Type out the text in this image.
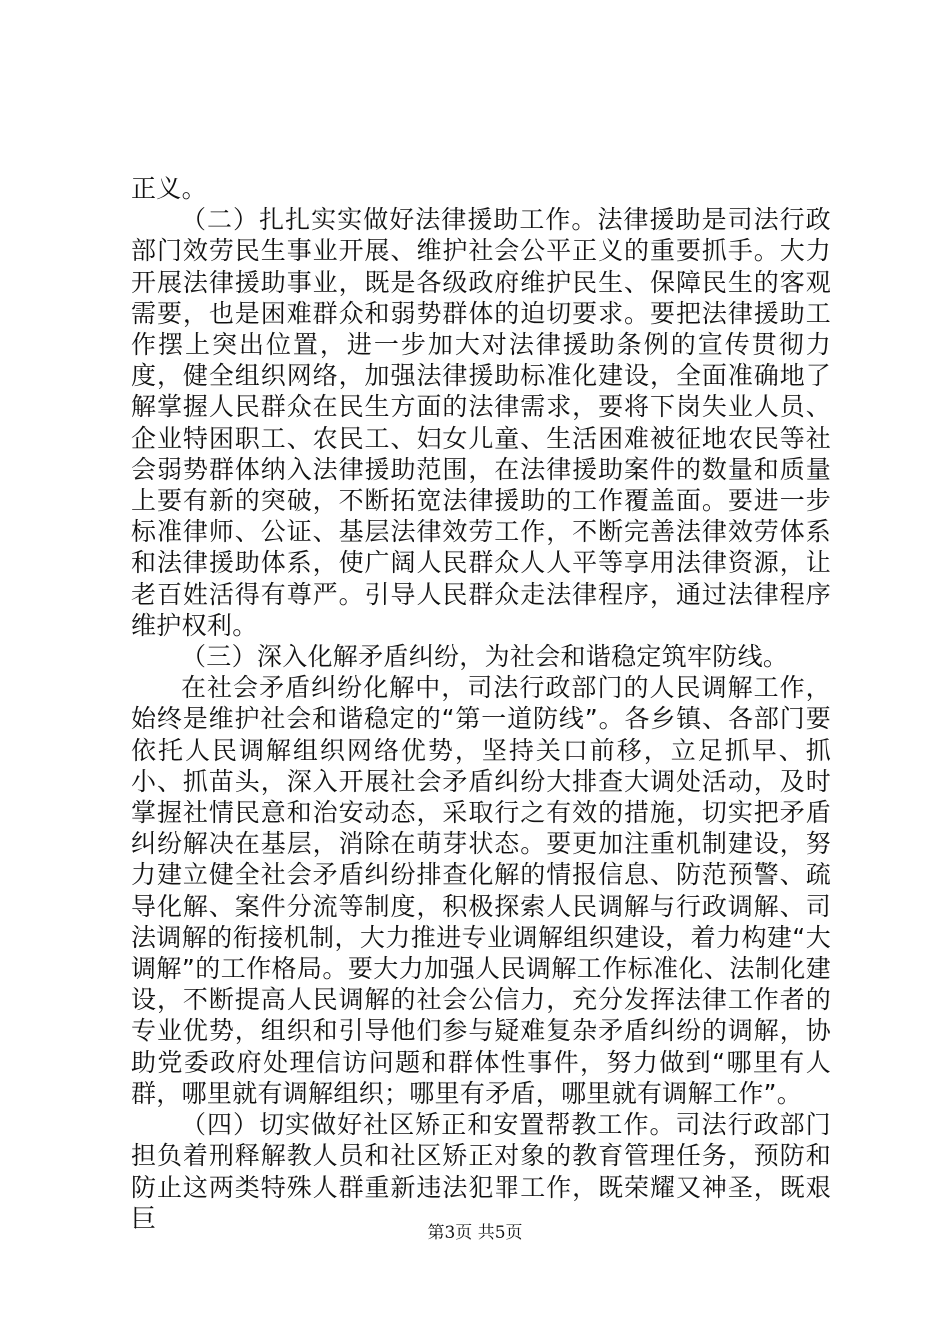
正义。

（二）扎扎实实做好法律援助工作。法律援助是司法行政部门效劳民生事业开展、维护社会公平正义的重要抓手。大力开展法律援助事业，既是各级政府维护民生、保障民生的客观需要，也是困难群众和弱势群体的迫切要求。要把法律援助工作摆上突出位置，进一步加大对法律援助条例的宣传贯彻力度，健全组织网络，加强法律援助标准化建设，全面准确地了解掌握人民群众在民生方面的法律需求，要将下岗失业人员、企业特困职工、农民工、妇女儿童、生活困难被征地农民等社会弱势群体纳入法律援助范围，在法律援助案件的数量和质量上要有新的突破，不断拓宽法律援助的工作覆盖面。要进一步标准律师、公证、基层法律效劳工作，不断完善法律效劳体系和法律援助体系，使广阔人民群众人人平等享用法律资源，让老百姓活得有尊严。引导人民群众走法律程序，通过法律程序维护权利。

（三）深入化解矛盾纠纷，为社会和谐稳定筑牢防线。

在社会矛盾纠纷化解中，司法行政部门的人民调解工作，始终是维护社会和谐稳定的“第一道防线”。各乡镇、各部门要依托人民调解组织网络优势，坚持关口前移，立足抓早、抓小、抓苗头，深入开展社会矛盾纠纷大排查大调处活动，及时掌握社情民意和治安动态，采取行之有效的措施，切实把矛盾纠纷解决在基层，消除在萌芽状态。要更加注重机制建设，努力建立健全社会矛盾纠纷排查化解的情报信息、防范预警、疏导化解、案件分流等制度，积极探索人民调解与行政调解、司法调解的衔接机制，大力推进专业调解组织建设，着力构建“大调解”的工作格局。要大力加强人民调解工作标准化、法制化建设，不断提高人民调解的社会公信力，充分发挥法律工作者的专业优势，组织和引导他们参与疑难复杂矛盾纠纷的调解，协助党委政府处理信访问题和群体性事件，努力做到“哪里有人群，哪里就有调解组织；哪里有矛盾，哪里就有调解工作”。

（四）切实做好社区矫正和安置帮教工作。司法行政部门担负着刑释解教人员和社区矫正对象的教育管理任务，预防和防止这两类特殊人群重新违法犯罪工作，既荣耀又神圣，既艰巨

第3页 共5页
